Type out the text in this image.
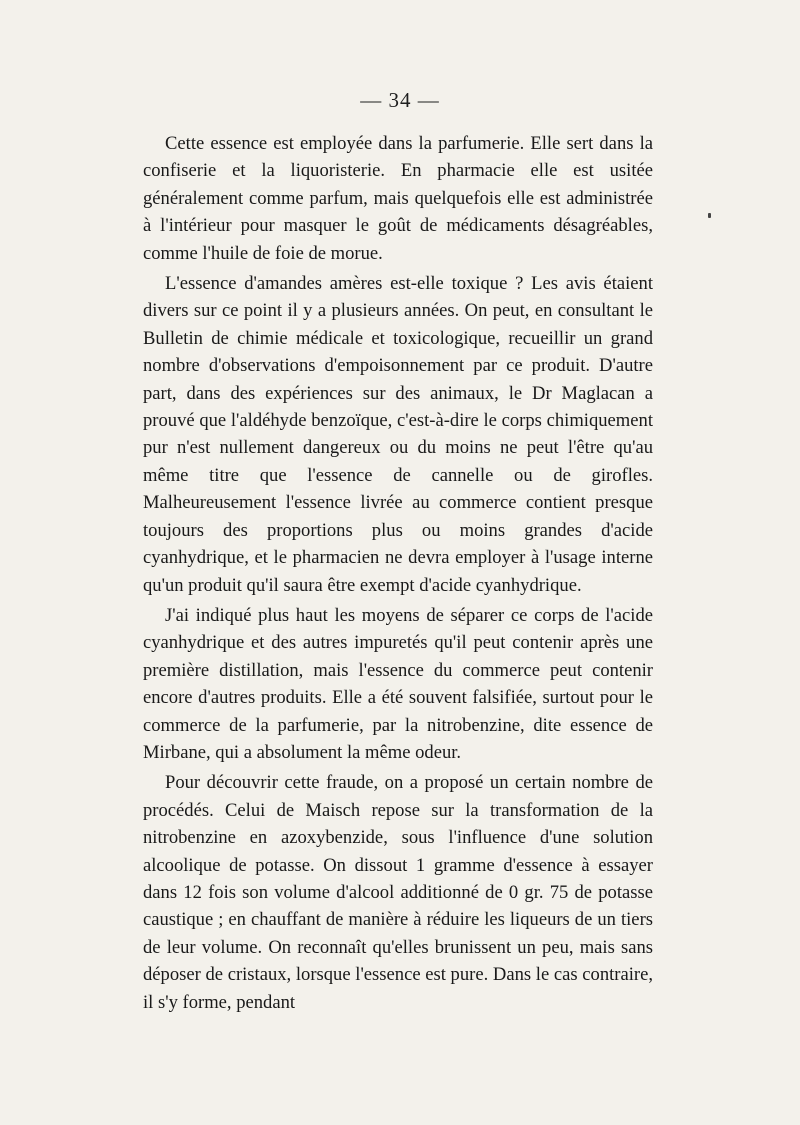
— 34 —

Cette essence est employée dans la parfumerie. Elle sert dans la confiserie et la liquoristerie. En pharmacie elle est usitée généralement comme parfum, mais quelquefois elle est administrée à l'intérieur pour masquer le goût de médicaments désagréables, comme l'huile de foie de morue.

L'essence d'amandes amères est-elle toxique ? Les avis étaient divers sur ce point il y a plusieurs années. On peut, en consultant le Bulletin de chimie médicale et toxicologique, recueillir un grand nombre d'observations d'empoisonnement par ce produit. D'autre part, dans des expériences sur des animaux, le Dr Maglacan a prouvé que l'aldéhyde benzoïque, c'est-à-dire le corps chimiquement pur n'est nullement dangereux ou du moins ne peut l'être qu'au même titre que l'essence de cannelle ou de girofles. Malheureusement l'essence livrée au commerce contient presque toujours des proportions plus ou moins grandes d'acide cyanhydrique, et le pharmacien ne devra employer à l'usage interne qu'un produit qu'il saura être exempt d'acide cyanhydrique.

J'ai indiqué plus haut les moyens de séparer ce corps de l'acide cyanhydrique et des autres impuretés qu'il peut contenir après une première distillation, mais l'essence du commerce peut contenir encore d'autres produits. Elle a été souvent falsifiée, surtout pour le commerce de la parfumerie, par la nitrobenzine, dite essence de Mirbane, qui a absolument la même odeur.

Pour découvrir cette fraude, on a proposé un certain nombre de procédés. Celui de Maisch repose sur la transformation de la nitrobenzine en azoxybenzide, sous l'influence d'une solution alcoolique de potasse. On dissout 1 gramme d'essence à essayer dans 12 fois son volume d'alcool additionné de 0 gr. 75 de potasse caustique ; en chauffant de manière à réduire les liqueurs de un tiers de leur volume. On reconnaît qu'elles brunissent un peu, mais sans déposer de cristaux, lorsque l'essence est pure. Dans le cas contraire, il s'y forme, pendant
